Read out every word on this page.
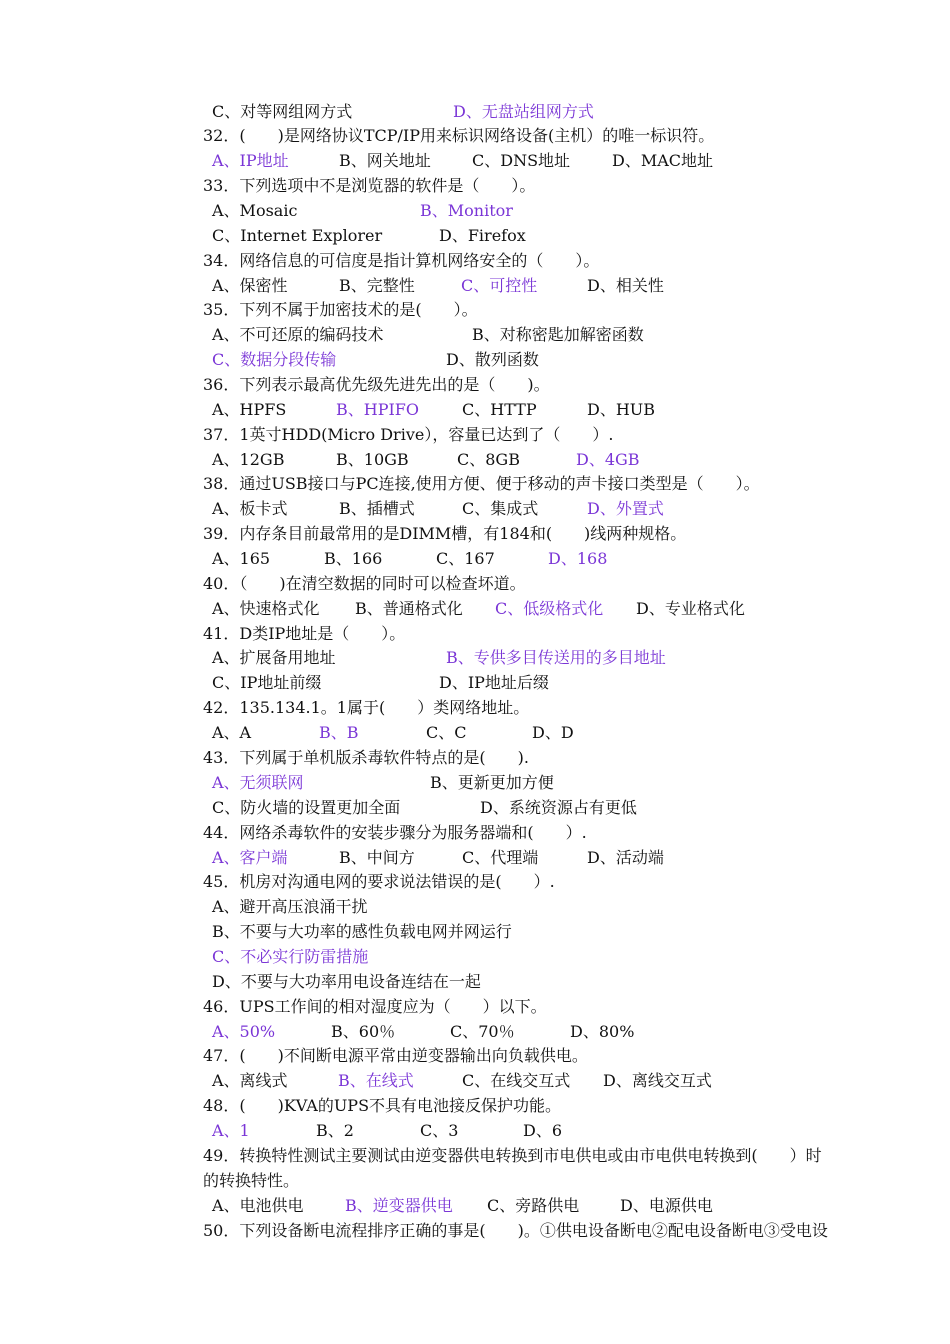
C、对等网组网方式	D、无盘站组网方式
32．(　　)是网络协议TCP/IP用来标识网络设备(主机）的唯一标识符。
A、IP地址	B、网关地址	C、DNS地址	D、MAC地址
33．下列选项中不是浏览器的软件是（　　）。
A、Mosaic	B、Monitor
C、Internet Explorer	D、Firefox
34．网络信息的可信度是指计算机网络安全的（　　）。
A、保密性	B、完整性	C、可控性	D、相关性
35．下列不属于加密技术的是(　　）。
A、不可还原的编码技术	B、对称密匙加解密函数
C、数据分段传输	D、散列函数
36．下列表示最高优先级先进先出的是（　　)。
A、HPFS	B、HPIFO	C、HTTP	D、HUB
37．1英寸HDD(Micro Drive），容量已达到了（　　）.
A、12GB	B、10GB	C、8GB	D、4GB
38．通过USB接口与PC连接,使用方便、便于移动的声卡接口类型是（　　）。
A、板卡式	B、插槽式	C、集成式	D、外置式
39．内存条目前最常用的是DIMM槽，有184和(　　)线两种规格。
A、165	B、166	C、167	D、168
40．（　　)在清空数据的同时可以检查坏道。
A、快速格式化 B、普通格式化 C、低级格式化 D、专业格式化
41．D类IP地址是（　　）。
A、扩展备用地址	B、专供多目传送用的多目地址
C、IP地址前缀	D、IP地址后缀
42．135.134.1。1属于(　　）类网络地址。
A、A	B、B	C、C	D、D
43．下列属于单机版杀毒软件特点的是(　　).
A、无须联网	B、更新更加方便
C、防火墙的设置更加全面	D、系统资源占有更低
44．网络杀毒软件的安装步骤分为服务器端和(　　）.
A、客户端	B、中间方	C、代理端	D、活动端
45．机房对沟通电网的要求说法错误的是(　　）.
A、避开高压浪涌干扰
B、不要与大功率的感性负载电网并网运行
C、不必实行防雷措施
D、不要与大功率用电设备连结在一起
46．UPS工作间的相对湿度应为（　　）以下。
A、50%	B、60％	C、70％	D、80%
47．(　　)不间断电源平常由逆变器输出向负载供电。
A、离线式	B、在线式	C、在线交互式 D、离线交互式
48．(　　)KVA的UPS不具有电池接反保护功能。
A、1	B、2	C、3	D、6
49．转换特性测试主要测试由逆变器供电转换到市电供电或由市电供电转换到(　　）时
的转换特性。
A、电池供电	B、逆变器供电 C、旁路供电	D、电源供电
50．下列设备断电流程排序正确的事是(　　)。①供电设备断电②配电设备断电③受电设
